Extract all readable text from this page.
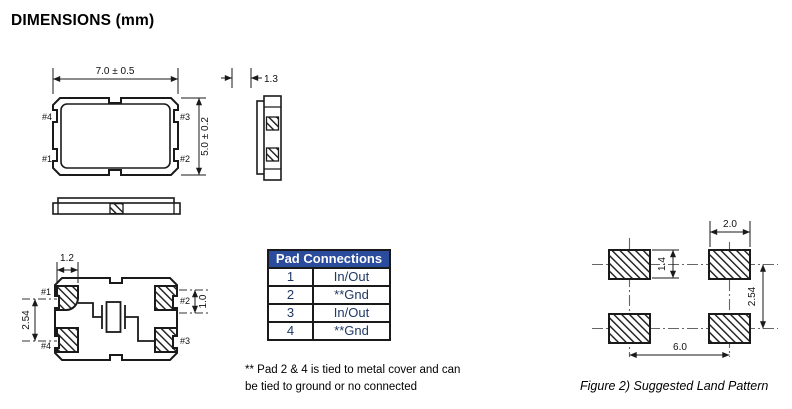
DIMENSIONS (mm)
7.0 ± 0.5
5.0 ± 0.2
#4
#1
#3
#2
1.3
#1
#4
#2
#3
1.2
2.54
1.0
2.0
1.4
2.54
6.0
Pad Connections	
1	In/Out
2	**Gnd
3	In/Out
4	**Gnd
** Pad 2 & 4 is tied to metal cover and can
be tied to ground or no connected	Figure 2) Suggested Land Pattern
